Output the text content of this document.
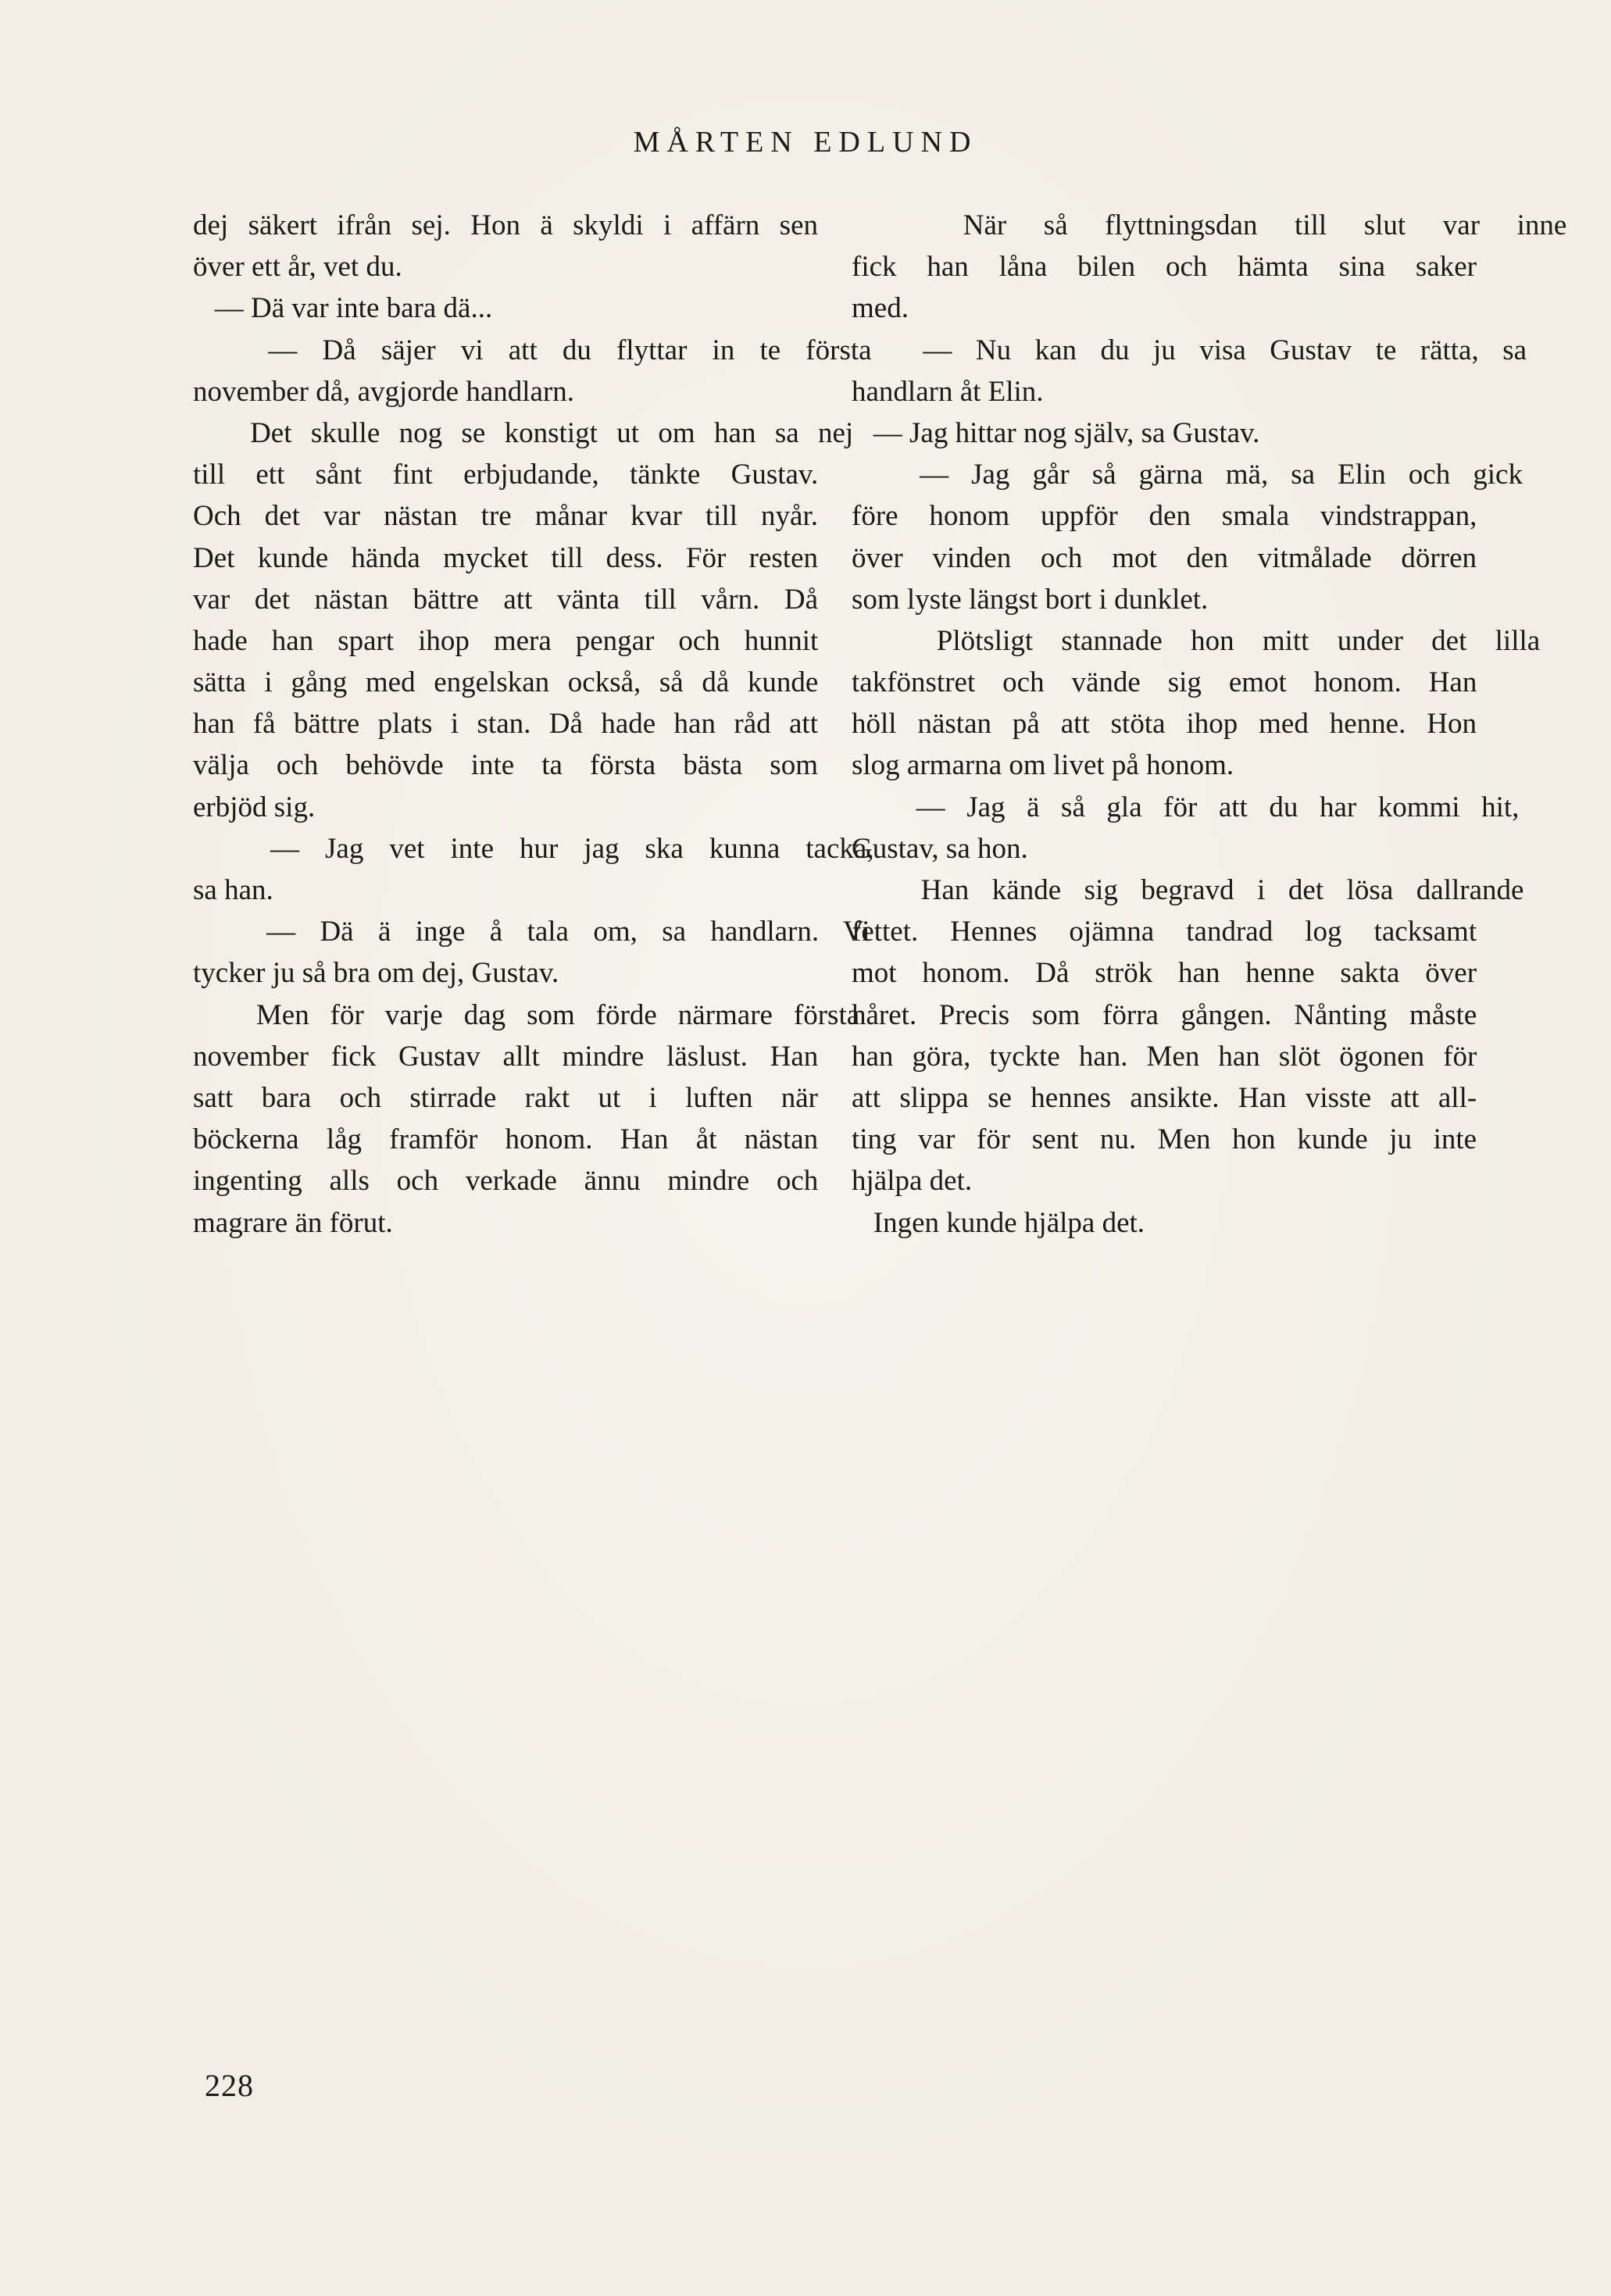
MÅRTEN EDLUND
dej säkert ifrån sej. Hon ä skyldi i affärn sen
över ett år, vet du.
— Dä var inte bara dä...
— Då säjer vi att du flyttar in te första
november då, avgjorde handlarn.
Det skulle nog se konstigt ut om han sa nej
till ett sånt fint erbjudande, tänkte Gustav.
Och det var nästan tre månar kvar till nyår.
Det kunde hända mycket till dess. För resten
var det nästan bättre att vänta till vårn. Då
hade han spart ihop mera pengar och hunnit
sätta i gång med engelskan också, så då kunde
han få bättre plats i stan. Då hade han råd att
välja och behövde inte ta första bästa som
erbjöd sig.
— Jag vet inte hur jag ska kunna tacka,
sa han.
— Dä ä inge å tala om, sa handlarn. Vi
tycker ju så bra om dej, Gustav.
Men för varje dag som förde närmare första
november fick Gustav allt mindre läslust. Han
satt bara och stirrade rakt ut i luften när
böckerna låg framför honom. Han åt nästan
ingenting alls och verkade ännu mindre och
magrare än förut.
När så flyttningsdan till slut var inne
fick han låna bilen och hämta sina saker
med.
— Nu kan du ju visa Gustav te rätta, sa
handlarn åt Elin.
— Jag hittar nog själv, sa Gustav.
— Jag går så gärna mä, sa Elin och gick
före honom uppför den smala vindstrappan,
över vinden och mot den vitmålade dörren
som lyste längst bort i dunklet.
Plötsligt stannade hon mitt under det lilla
takfönstret och vände sig emot honom. Han
höll nästan på att stöta ihop med henne. Hon
slog armarna om livet på honom.
— Jag ä så gla för att du har kommi hit,
Gustav, sa hon.
Han kände sig begravd i det lösa dallrande
fettet. Hennes ojämna tandrad log tacksamt
mot honom. Då strök han henne sakta över
håret. Precis som förra gången. Nånting måste
han göra, tyckte han. Men han slöt ögonen för
att slippa se hennes ansikte. Han visste att all-
ting var för sent nu. Men hon kunde ju inte
hjälpa det.
Ingen kunde hjälpa det.
228
